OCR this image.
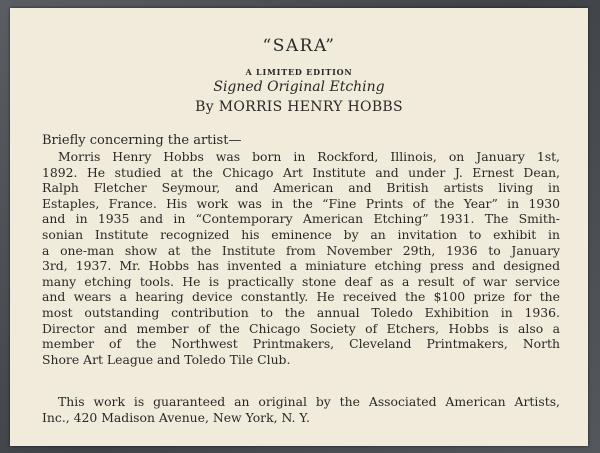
“SARA”
A LIMITED EDITION
Signed Original Etching
By MORRIS HENRY HOBBS
Briefly concerning the artist—
Morris Henry Hobbs was born in Rockford, Illinois, on January 1st,
1892. He studied at the Chicago Art Institute and under J. Ernest Dean,
Ralph Fletcher Seymour, and American and British artists living in
Estaples, France. His work was in the “Fine Prints of the Year” in 1930
and in 1935 and in “Contemporary American Etching” 1931. The Smith-
sonian Institute recognized his eminence by an invitation to exhibit in
a one-man show at the Institute from November 29th, 1936 to January
3rd, 1937. Mr. Hobbs has invented a miniature etching press and designed
many etching tools. He is practically stone deaf as a result of war service
and wears a hearing device constantly. He received the $100 prize for the
most outstanding contribution to the annual Toledo Exhibition in 1936.
Director and member of the Chicago Society of Etchers, Hobbs is also a
member of the Northwest Printmakers, Cleveland Printmakers, North
Shore Art League and Toledo Tile Club.
This work is guaranteed an original by the Associated American Artists,
Inc., 420 Madison Avenue, New York, N. Y.
